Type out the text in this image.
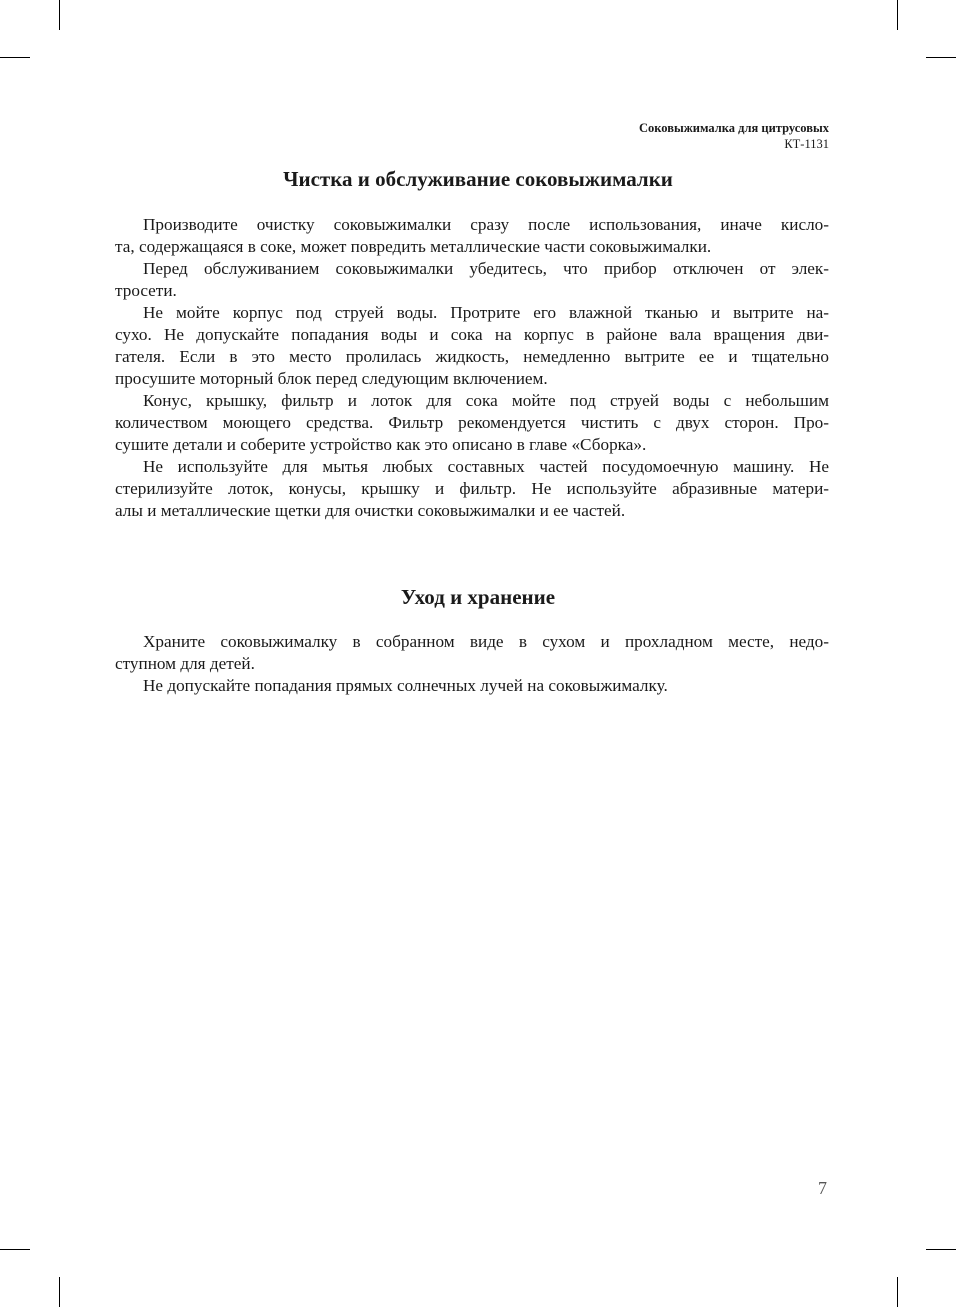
Соковыжималка для цитрусовых
КТ-1131
Чистка и обслуживание соковыжималки
Производите очистку соковыжималки сразу после использования, иначе кисло-
та, содержащаяся в соке, может повредить металлические части соковыжималки.
Перед обслуживанием соковыжималки убедитесь, что прибор отключен от элек-
тросети.
Не мойте корпус под струей воды. Протрите его влажной тканью и вытрите на-
сухо. Не допускайте попадания воды и сока на корпус в районе вала вращения дви-
гателя. Если в это место пролилась жидкость, немедленно вытрите ее и тщательно
просушите моторный блок перед следующим включением.
Конус, крышку, фильтр и лоток для сока мойте под струей воды с небольшим
количеством моющего средства. Фильтр рекомендуется чистить с двух сторон. Про-
сушите детали и соберите устройство как это описано в главе «Сборка».
Не используйте для мытья любых составных частей посудомоечную машину. Не
стерилизуйте лоток, конусы, крышку и фильтр. Не используйте абразивные матери-
алы и металлические щетки для очистки соковыжималки и ее частей.
Уход и хранение
Храните соковыжималку в собранном виде в сухом и прохладном месте, недо-
ступном для детей.
Не допускайте попадания прямых солнечных лучей на соковыжималку.
7
